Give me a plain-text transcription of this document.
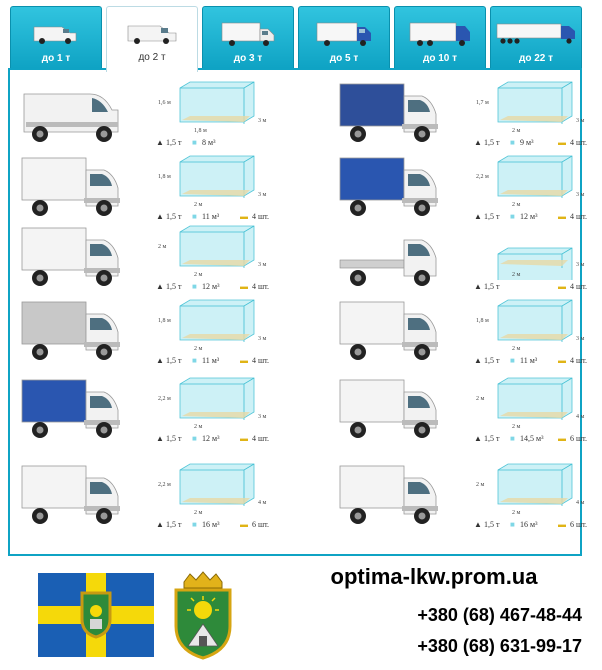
до 1 т	до 2 т	до 3 т	до 5 т	до 10 т	до 22 т
1,6 м
1,8 м
3 м
▲ 1,5 т ■ 8 м³
1,7 м
2 м
3 м
▲ 1,5 т ■ 9 м³	▬ 4 шт.
1,8 м
2 м
3 м
▲ 1,5 т ■ 11 м³	▬ 4 шт.
2,2 м
2 м
3 м
▲ 1,5 т ■ 12 м³	▬ 4 шт.
2 м
2 м
3 м
▲ 1,5 т ■ 12 м³	▬ 4 шт.
2 м
3 м
▲ 1,5 т	▬ 4 шт.
1,8 м
2 м
3 м
▲ 1,5 т ■ 11 м³	▬ 4 шт.
1,8 м
2 м
3 м
▲ 1,5 т ■ 11 м³	▬ 4 шт.
2,2 м
2 м
3 м
▲ 1,5 т ■ 12 м³	▬ 4 шт.
2 м
2 м
4 м
▲ 1,5 т ■ 14,5 м³ ▬ 6 шт.
2,2 м
2 м
4 м
▲ 1,5 т ■ 16 м³	▬ 6 шт.
2 м
2 м
4 м
▲ 1,5 т ■ 16 м³	▬ 6 шт.
optima-lkw.prom.ua
+380 (68) 467-48-44
+380 (68) 631-99-17
